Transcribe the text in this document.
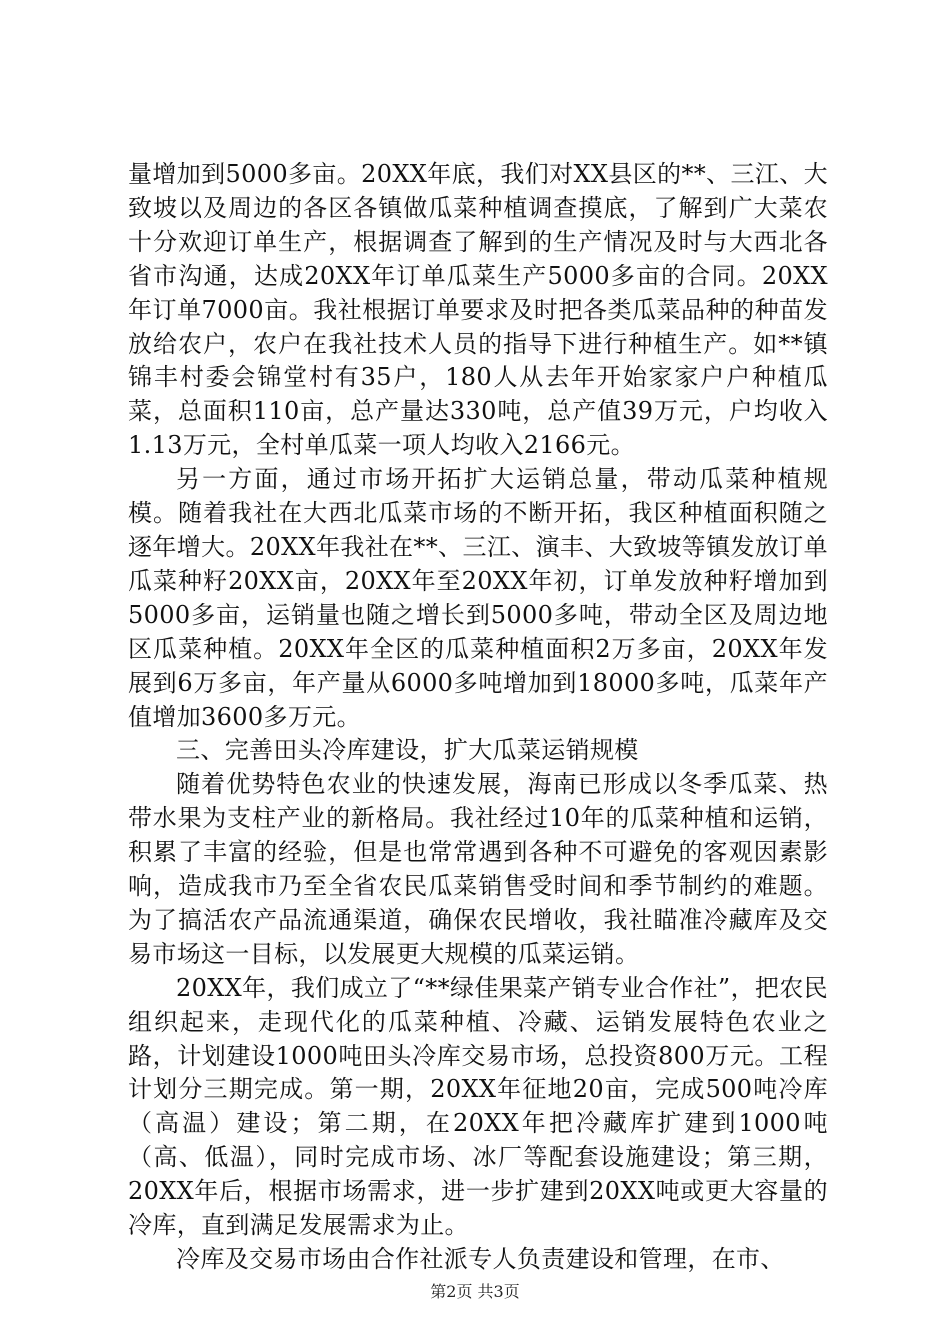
量增加到5000多亩。20XX年底，我们对XX县区的**、三江、大致坡以及周边的各区各镇做瓜菜种植调查摸底，了解到广大菜农十分欢迎订单生产，根据调查了解到的生产情况及时与大西北各省市沟通，达成20XX年订单瓜菜生产5000多亩的合同。20XX年订单7000亩。我社根据订单要求及时把各类瓜菜品种的种苗发放给农户，农户在我社技术人员的指导下进行种植生产。如**镇锦丰村委会锦堂村有35户，180人从去年开始家家户户种植瓜菜，总面积110亩，总产量达330吨，总产值39万元，户均收入1.13万元，全村单瓜菜一项人均收入2166元。

另一方面，通过市场开拓扩大运销总量，带动瓜菜种植规模。随着我社在大西北瓜菜市场的不断开拓，我区种植面积随之逐年增大。20XX年我社在**、三江、演丰、大致坡等镇发放订单瓜菜种籽20XX亩，20XX年至20XX年初，订单发放种籽增加到5000多亩，运销量也随之增长到5000多吨，带动全区及周边地区瓜菜种植。20XX年全区的瓜菜种植面积2万多亩，20XX年发展到6万多亩，年产量从6000多吨增加到18000多吨，瓜菜年产值增加3600多万元。

三、完善田头冷库建设，扩大瓜菜运销规模

随着优势特色农业的快速发展，海南已形成以冬季瓜菜、热带水果为支柱产业的新格局。我社经过10年的瓜菜种植和运销，积累了丰富的经验，但是也常常遇到各种不可避免的客观因素影响，造成我市乃至全省农民瓜菜销售受时间和季节制约的难题。为了搞活农产品流通渠道，确保农民增收，我社瞄准冷藏库及交易市场这一目标，以发展更大规模的瓜菜运销。

20XX年，我们成立了“**绿佳果菜产销专业合作社”，把农民组织起来，走现代化的瓜菜种植、冷藏、运销发展特色农业之路，计划建设1000吨田头冷库交易市场，总投资800万元。工程计划分三期完成。第一期，20XX年征地20亩，完成500吨冷库（高温）建设；第二期，在20XX年把冷藏库扩建到1000吨（高、低温），同时完成市场、冰厂等配套设施建设；第三期，20XX年后，根据市场需求，进一步扩建到20XX吨或更大容量的冷库，直到满足发展需求为止。

冷库及交易市场由合作社派专人负责建设和管理，在市、

第2页 共3页
